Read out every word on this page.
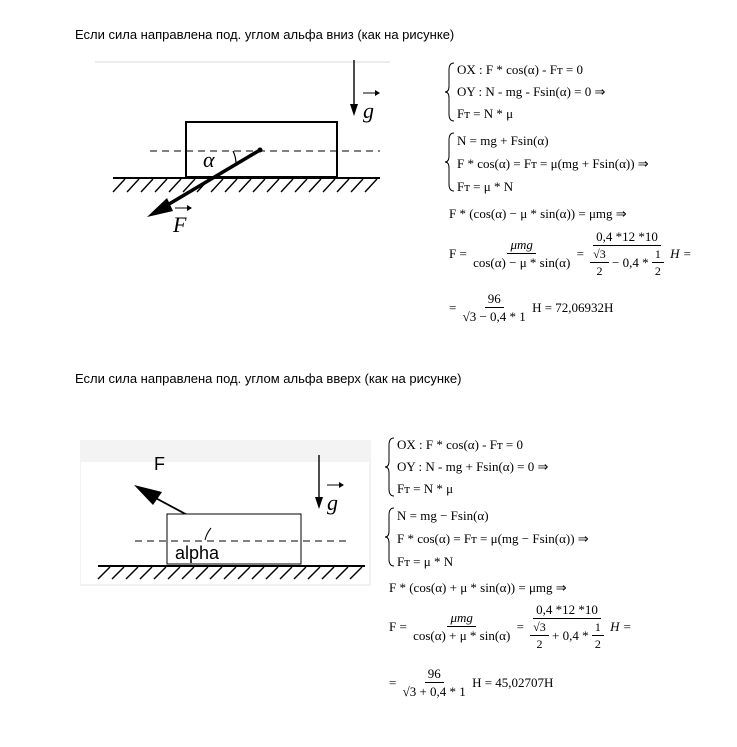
Если сила направлена под. углом альфа вниз (как на рисунке)
g
α
F
OX : F * cos(α) - Fт = 0
OY : N - mg - Fsin(α) = 0 ⇒
Fт = N * μ
N = mg + Fsin(α)
F * cos(α) = Fт = μ(mg + Fsin(α)) ⇒
Fт = μ * N
F * (cos(α) − μ * sin(α)) = μmg ⇒
F =
$\frac{\text{μmg}}{\cos(\alpha) - \mu * \sin(\alpha)}$
=
0,4 *12 *10
$\frac{√3}{2}$
− 0,4 *
$\frac{1}{2}$
H =
=
$\frac{96}{√3 - 0,4 * 1}$
H = 72,06932H
Если сила направлена под. углом альфа вверх (как на рисунке)
g
F
alpha
OX : F * cos(α) - Fт = 0
OY : N - mg + Fsin(α) = 0 ⇒
Fт = N * μ
N = mg − Fsin(α)
F * cos(α) = Fт = μ(mg − Fsin(α)) ⇒
Fт = μ * N
F * (cos(α) + μ * sin(α)) = μmg ⇒
F =
$\frac{\text{μmg}}{\cos(\alpha) + \mu * \sin(\alpha)}$
=
0,4 *12 *10
$\frac{√3}{2}$
+ 0,4 *
$\frac{1}{2}$
H =
=
$\frac{96}{√3 + 0,4 * 1}$
H = 45,02707H
